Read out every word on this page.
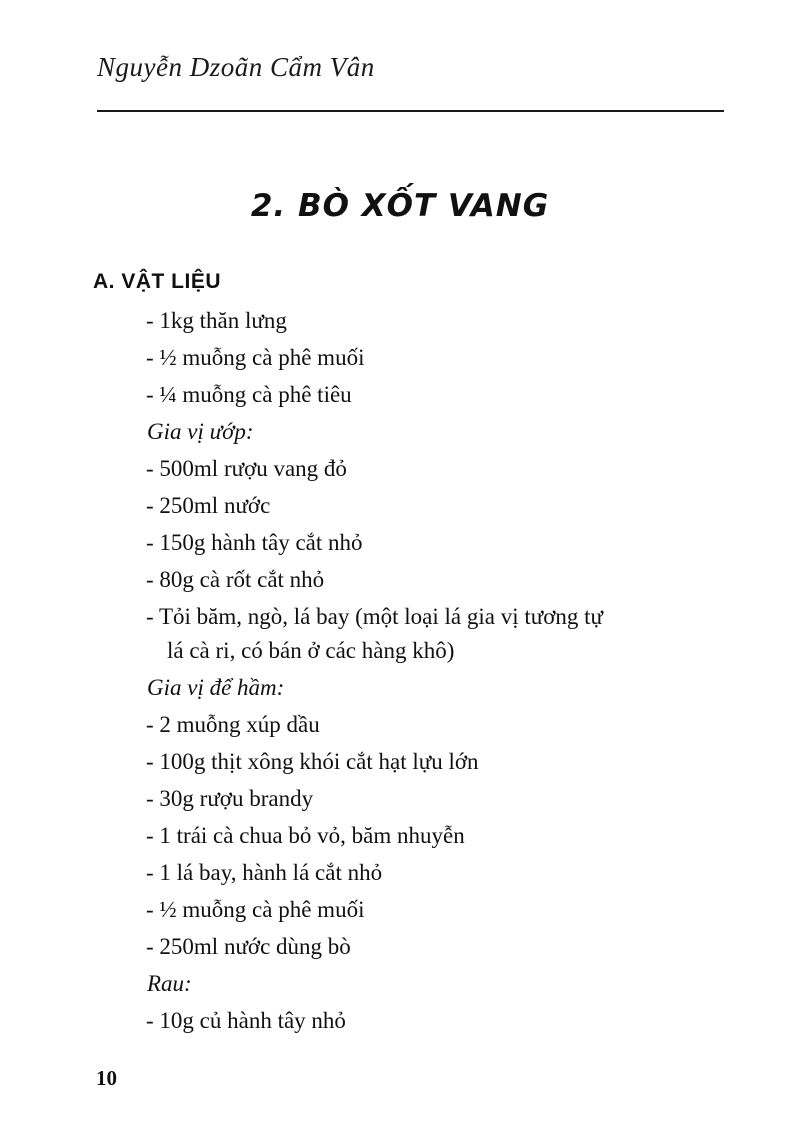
Nguyễn Dzoãn Cẩm Vân
2. BÒ XỐT VANG
A. VẬT LIỆU
- 1kg thăn lưng
- ½ muỗng cà phê muối
- ¼ muỗng cà phê tiêu
Gia vị ướp:
- 500ml rượu vang đỏ
- 250ml nước
- 150g hành tây cắt nhỏ
- 80g cà rốt cắt nhỏ
- Tỏi băm, ngò, lá bay (một loại lá gia vị tương tự
lá cà ri, có bán ở các hàng khô)
Gia vị để hầm:
- 2 muỗng xúp dầu
- 100g thịt xông khói cắt hạt lựu lớn
- 30g rượu brandy
- 1 trái cà chua bỏ vỏ, băm nhuyễn
- 1 lá bay, hành lá cắt nhỏ
- ½ muỗng cà phê muối
- 250ml nước dùng bò
Rau:
- 10g củ hành tây nhỏ
10
